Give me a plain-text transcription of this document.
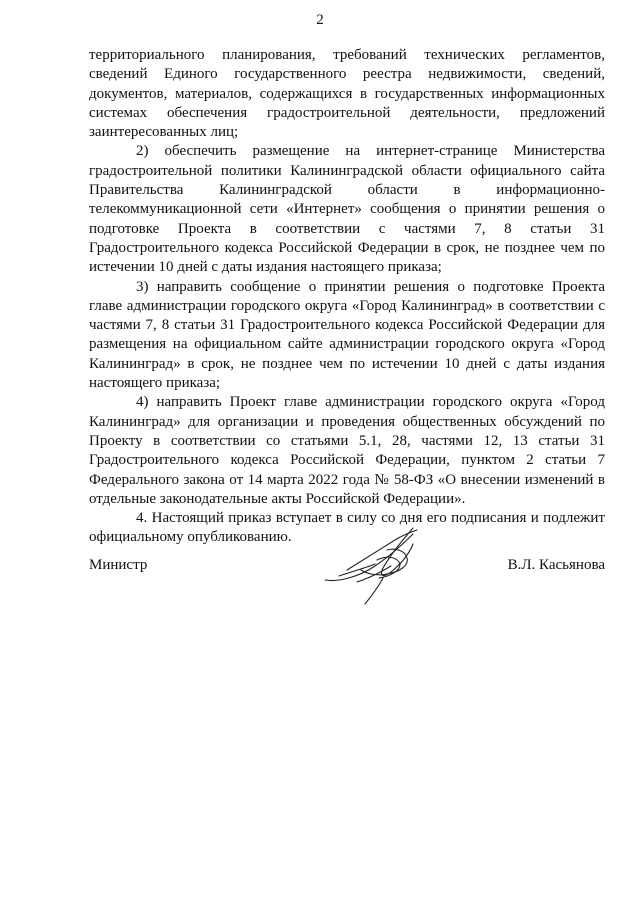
2

территориального планирования, требований технических регламентов, сведений Единого государственного реестра недвижимости, сведений, документов, материалов, содержащихся в государственных информационных системах обеспечения градостроительной деятельности, предложений заинтересованных лиц;

2) обеспечить размещение на интернет-странице Министерства градостроительной политики Калининградской области официального сайта Правительства Калининградской области в информационно-телекоммуникационной сети «Интернет» сообщения о принятии решения о подготовке Проекта в соответствии с частями 7, 8 статьи 31 Градостроительного кодекса Российской Федерации в срок, не позднее чем по истечении 10 дней с даты издания настоящего приказа;

3) направить сообщение о принятии решения о подготовке Проекта главе администрации городского округа «Город Калининград» в соответствии с частями 7, 8 статьи 31 Градостроительного кодекса Российской Федерации для размещения на официальном сайте администрации городского округа «Город Калининград» в срок, не позднее чем по истечении 10 дней с даты издания настоящего приказа;

4) направить Проект главе администрации городского округа «Город Калининград» для организации и проведения общественных обсуждений по Проекту в соответствии со статьями 5.1, 28, частями 12, 13 статьи 31 Градостроительного кодекса Российской Федерации, пунктом 2 статьи 7 Федерального закона от 14 марта 2022 года № 58-ФЗ «О внесении изменений в отдельные законодательные акты Российской Федерации».

4. Настоящий приказ вступает в силу со дня его подписания и подлежит официальному опубликованию.

Министр	В.Л. Касьянова
